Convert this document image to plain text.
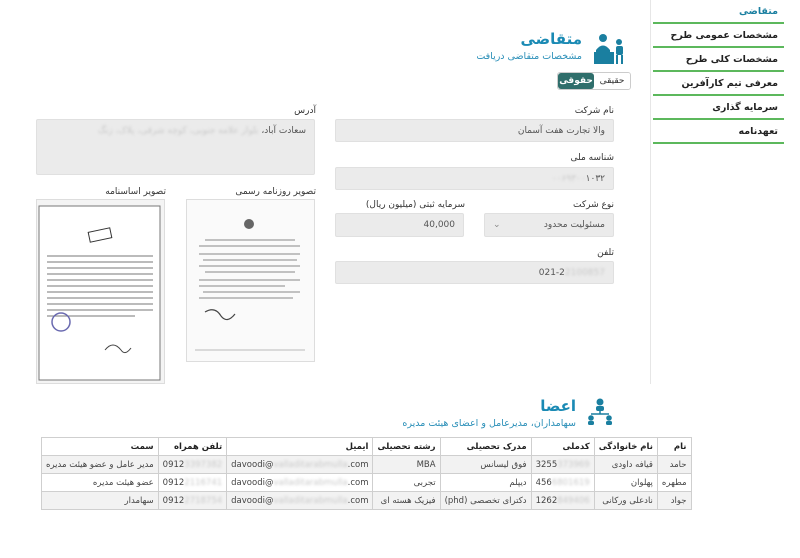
متقاضی
مشخصات عمومی طرح
مشخصات کلی طرح
معرفی تیم کارآفرین
سرمایه گذاری
تعهدنامه
متقاضی
مشخصات متقاضی دریافت
حقیقی
حقوقی
نام شرکت
والا تجارت هفت آسمان
شناسه ملی
۱۰۳۲
۰۰۶۹۳۰۰
نوع شرکت
مسئولیت محدود
⌄
سرمایه ثبتی (میلیون ریال)
40,000
تلفن
021-2 2100857
آدرس
سعادت آباد،

بلوار علامه جنوبی، کوچه شرقی، پلاک، زنگ
تصویر روزنامه رسمی
تصویر اساسنامه
اعضا
سهامداران، مدیرعامل و اعضای هیئت مدیره
نام	نام خانوادگی	کدملی	مدرک تحصیلی	رشته تحصیلی	ایمیل	تلفن همراه	سمت
حامد	قیافه داودی	3255373969	فوق لیسانس	MBA	davoodi@valladitarabmulla.com	09123397382	مدیر عامل و عضو هیئت مدیره
مطهره	پهلوان	4566801619	دیپلم	تجربی	davoodi@valladitarabmulla.com	09122116741	عضو هیئت مدیره
جواد	نادعلی ورکانی	1262849406	دکترای تخصصی (phd)	فیزیک هسته ای	davoodi@valladitarabmulla.com	09122718754	سهامدار
